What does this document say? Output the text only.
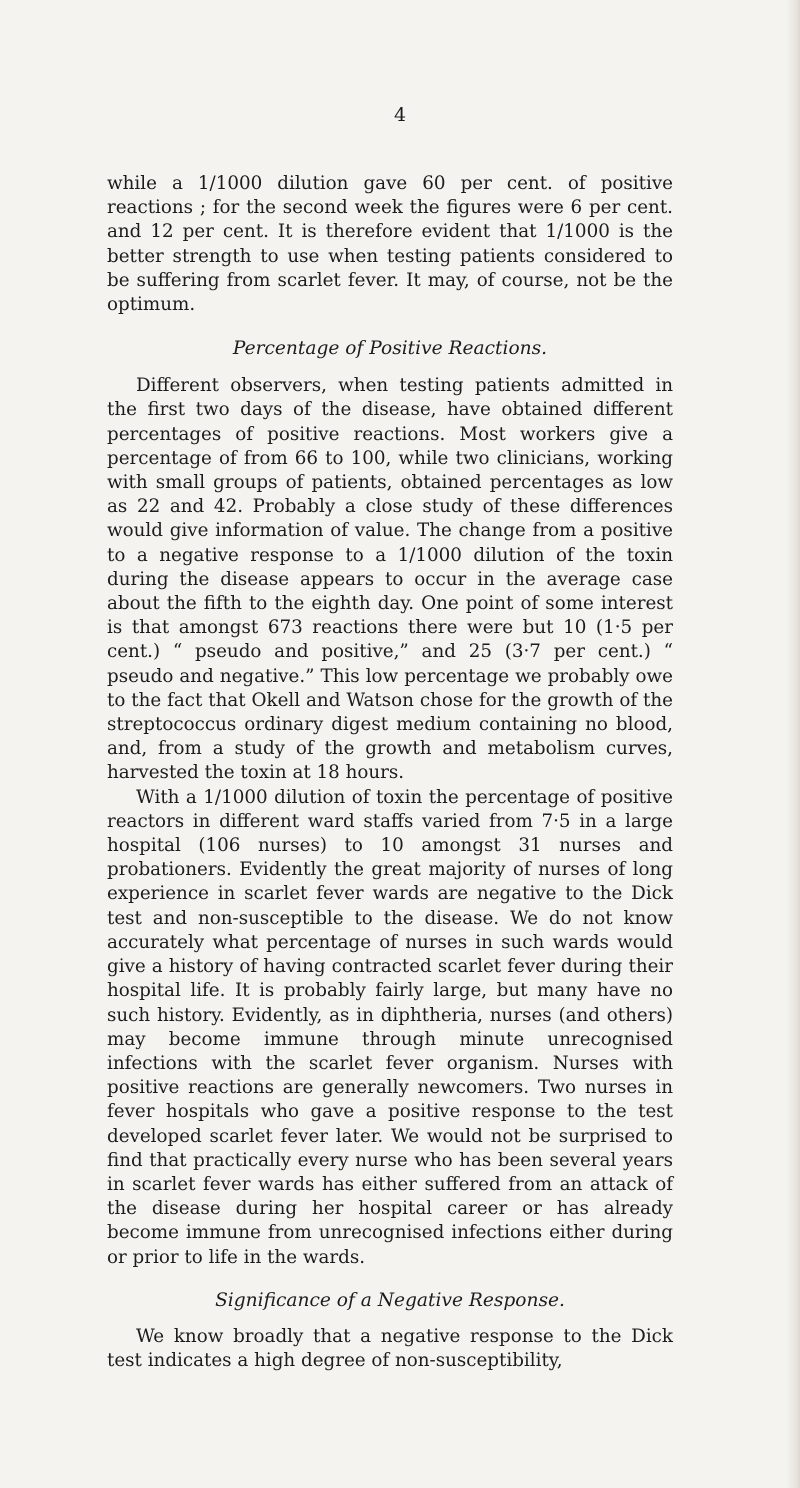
4

while a 1/1000 dilution gave 60 per cent. of positive reactions ; for the second week the figures were 6 per cent. and 12 per cent. It is therefore evident that 1/1000 is the better strength to use when testing patients considered to be suffering from scarlet fever. It may, of course, not be the optimum.

Percentage of Positive Reactions.

Different observers, when testing patients admitted in the first two days of the disease, have obtained different percentages of positive reactions. Most workers give a percentage of from 66 to 100, while two clinicians, working with small groups of patients, obtained percentages as low as 22 and 42. Probably a close study of these differences would give information of value. The change from a positive to a negative response to a 1/1000 dilution of the toxin during the disease appears to occur in the average case about the fifth to the eighth day. One point of some interest is that amongst 673 reactions there were but 10 (1·5 per cent.) “ pseudo and positive,” and 25 (3·7 per cent.) “ pseudo and negative.” This low percentage we probably owe to the fact that Okell and Watson chose for the growth of the streptococcus ordinary digest medium containing no blood, and, from a study of the growth and metabolism curves, harvested the toxin at 18 hours.

With a 1/1000 dilution of toxin the percentage of positive reactors in different ward staffs varied from 7·5 in a large hospital (106 nurses) to 10 amongst 31 nurses and probationers. Evidently the great majority of nurses of long experience in scarlet fever wards are negative to the Dick test and non-susceptible to the disease. We do not know accurately what percentage of nurses in such wards would give a history of having contracted scarlet fever during their hospital life. It is probably fairly large, but many have no such history. Evidently, as in diphtheria, nurses (and others) may become immune through minute unrecognised infections with the scarlet fever organism. Nurses with positive reactions are generally newcomers. Two nurses in fever hospitals who gave a positive response to the test developed scarlet fever later. We would not be surprised to find that practically every nurse who has been several years in scarlet fever wards has either suffered from an attack of the disease during her hospital career or has already become immune from unrecognised infections either during or prior to life in the wards.

Significance of a Negative Response.

We know broadly that a negative response to the Dick test indicates a high degree of non-susceptibility,
